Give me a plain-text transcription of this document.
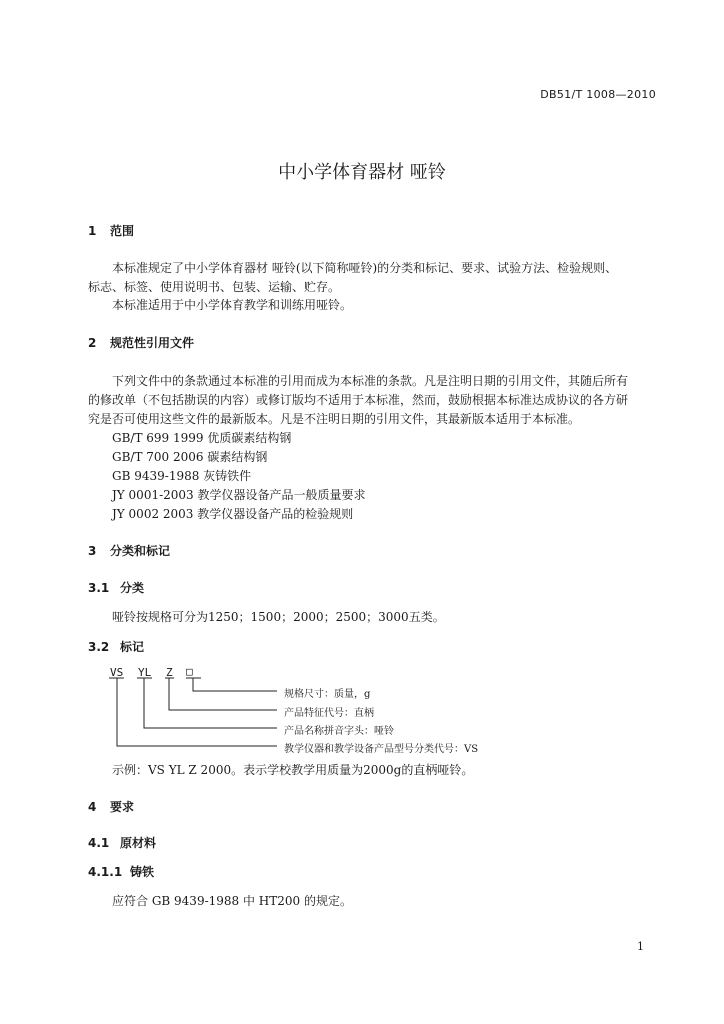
DB51/T 1008—2010
中小学体育器材 哑铃
1 范围
本标准规定了中小学体育器材 哑铃(以下简称哑铃)的分类和标记、要求、试验方法、检验规则、
标志、标签、使用说明书、包装、运输、贮存。
本标准适用于中小学体育教学和训练用哑铃。
2 规范性引用文件
下列文件中的条款通过本标准的引用而成为本标准的条款。凡是注明日期的引用文件，其随后所有
的修改单（不包括勘误的内容）或修订版均不适用于本标准，然而，鼓励根据本标准达成协议的各方研
究是否可使用这些文件的最新版本。凡是不注明日期的引用文件，其最新版本适用于本标准。
GB/T 699 1999 优质碳素结构钢
GB/T 700 2006 碳素结构钢
GB 9439-1988 灰铸铁件
JY 0001-2003 教学仪器设备产品一般质量要求
JY 0002 2003 教学仪器设备产品的检验规则
3 分类和标记
3.1 分类
哑铃按规格可分为1250；1500；2000；2500；3000五类。
3.2 标记
VS YL Z □
规格尺寸：质量，g
产品特征代号：直柄
产品名称拼音字头：哑铃
教学仪器和教学设备产品型号分类代号：VS
示例：VS YL Z 2000。表示学校教学用质量为2000g的直柄哑铃。
4 要求
4.1 原材料
4.1.1 铸铁
应符合 GB 9439-1988 中 HT200 的规定。
1
